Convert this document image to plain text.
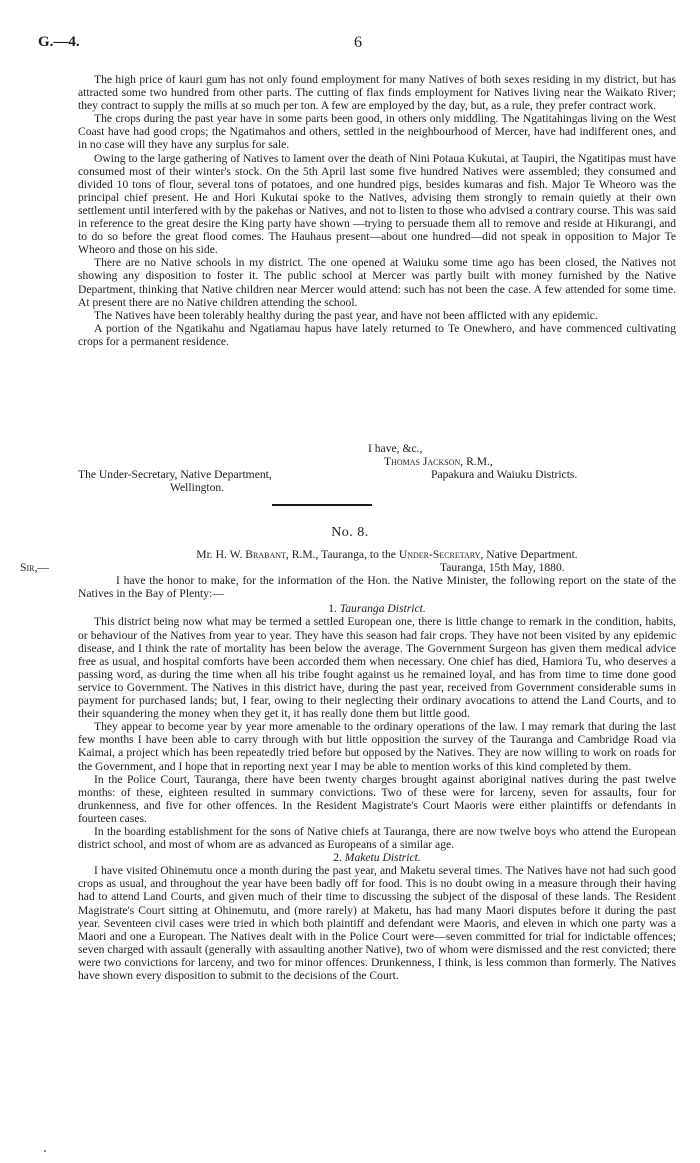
G.—4.	6

The high price of kauri gum has not only found employment for many Natives of both sexes residing in my district, but has attracted some two hundred from other parts. The cutting of flax finds employment for Natives living near the Waikato River; they contract to supply the mills at so much per ton. A few are employed by the day, but, as a rule, they prefer contract work.

The crops during the past year have in some parts been good, in others only middling. The Ngatitahingas living on the West Coast have had good crops; the Ngatimahos and others, settled in the neighbourhood of Mercer, have had indifferent ones, and in no case will they have any surplus for sale.

Owing to the large gathering of Natives to lament over the death of Nini Potaua Kukutai, at Taupiri, the Ngatitipas must have consumed most of their winter's stock. On the 5th April last some five hundred Natives were assembled; they consumed and divided 10 tons of flour, several tons of potatoes, and one hundred pigs, besides kumaras and fish. Major Te Wheoro was the principal chief present. He and Hori Kukutai spoke to the Natives, advising them strongly to remain quietly at their own settlement until interfered with by the pakehas or Natives, and not to listen to those who advised a contrary course. This was said in reference to the great desire the King party have shown —trying to persuade them all to remove and reside at Hikurangi, and to do so before the great flood comes. The Hauhaus present—about one hundred—did not speak in opposition to Major Te Wheoro and those on his side.

There are no Native schools in my district. The one opened at Waiuku some time ago has been closed, the Natives not showing any disposition to foster it. The public school at Mercer was partly built with money furnished by the Native Department, thinking that Native children near Mercer would attend: such has not been the case. A few attended for some time. At present there are no Native children attending the school.

The Natives have been tolerably healthy during the past year, and have not been afflicted with any epidemic.

A portion of the Ngatikahu and Ngatiamau hapus have lately returned to Te Onewhero, and have commenced cultivating crops for a permanent residence.

I have, &c.,
Thomas Jackson, R.M.,
The Under-Secretary, Native Department,	Papakura and Waiuku Districts.
Wellington.
No. 8.

Mr. H. W. Brabant, R.M., Tauranga, to the Under-Secretary, Native Department.

Sir,—	Tauranga, 15th May, 1880.

I have the honor to make, for the information of the Hon. the Native Minister, the following report on the state of the Natives in the Bay of Plenty:—

1. Tauranga District.

This district being now what may be termed a settled European one, there is little change to remark in the condition, habits, or behaviour of the Natives from year to year. They have this season had fair crops. They have not been visited by any epidemic disease, and I think the rate of mortality has been below the average. The Government Surgeon has given them medical advice free as usual, and hospital comforts have been accorded them when necessary. One chief has died, Hamiora Tu, who deserves a passing word, as during the time when all his tribe fought against us he remained loyal, and has from time to time done good service to Government. The Natives in this district have, during the past year, received from Government considerable sums in payment for purchased lands; but, I fear, owing to their neglecting their ordinary avocations to attend the Land Courts, and to their squandering the money when they get it, it has really done them but little good.

They appear to become year by year more amenable to the ordinary operations of the law. I may remark that during the last few months I have been able to carry through with but little opposition the survey of the Tauranga and Cambridge Road via Kaimai, a project which has been repeatedly tried before but opposed by the Natives. They are now willing to work on roads for the Government, and I hope that in reporting next year I may be able to mention works of this kind completed by them.

In the Police Court, Tauranga, there have been twenty charges brought against aboriginal natives during the past twelve months: of these, eighteen resulted in summary convictions. Two of these were for larceny, seven for assaults, four for drunkenness, and five for other offences. In the Resident Magistrate's Court Maoris were either plaintiffs or defendants in fourteen cases.

In the boarding establishment for the sons of Native chiefs at Tauranga, there are now twelve boys who attend the European district school, and most of whom are as advanced as Europeans of a similar age.

2. Maketu District.

I have visited Ohinemutu once a month during the past year, and Maketu several times. The Natives have not had such good crops as usual, and throughout the year have been badly off for food. This is no doubt owing in a measure through their having had to attend Land Courts, and given much of their time to discussing the subject of the disposal of these lands. The Resident Magistrate's Court sitting at Ohinemutu, and (more rarely) at Maketu, has had many Maori disputes before it during the past year. Seventeen civil cases were tried in which both plaintiff and defendant were Maoris, and eleven in which one party was a Maori and one a European. The Natives dealt with in the Police Court were—seven committed for trial for indictable offences; seven charged with assault (generally with assaulting another Native), two of whom were dismissed and the rest convicted; there were two convictions for larceny, and two for minor offences. Drunkenness, I think, is less common than formerly. The Natives have shown every disposition to submit to the decisions of the Court.
